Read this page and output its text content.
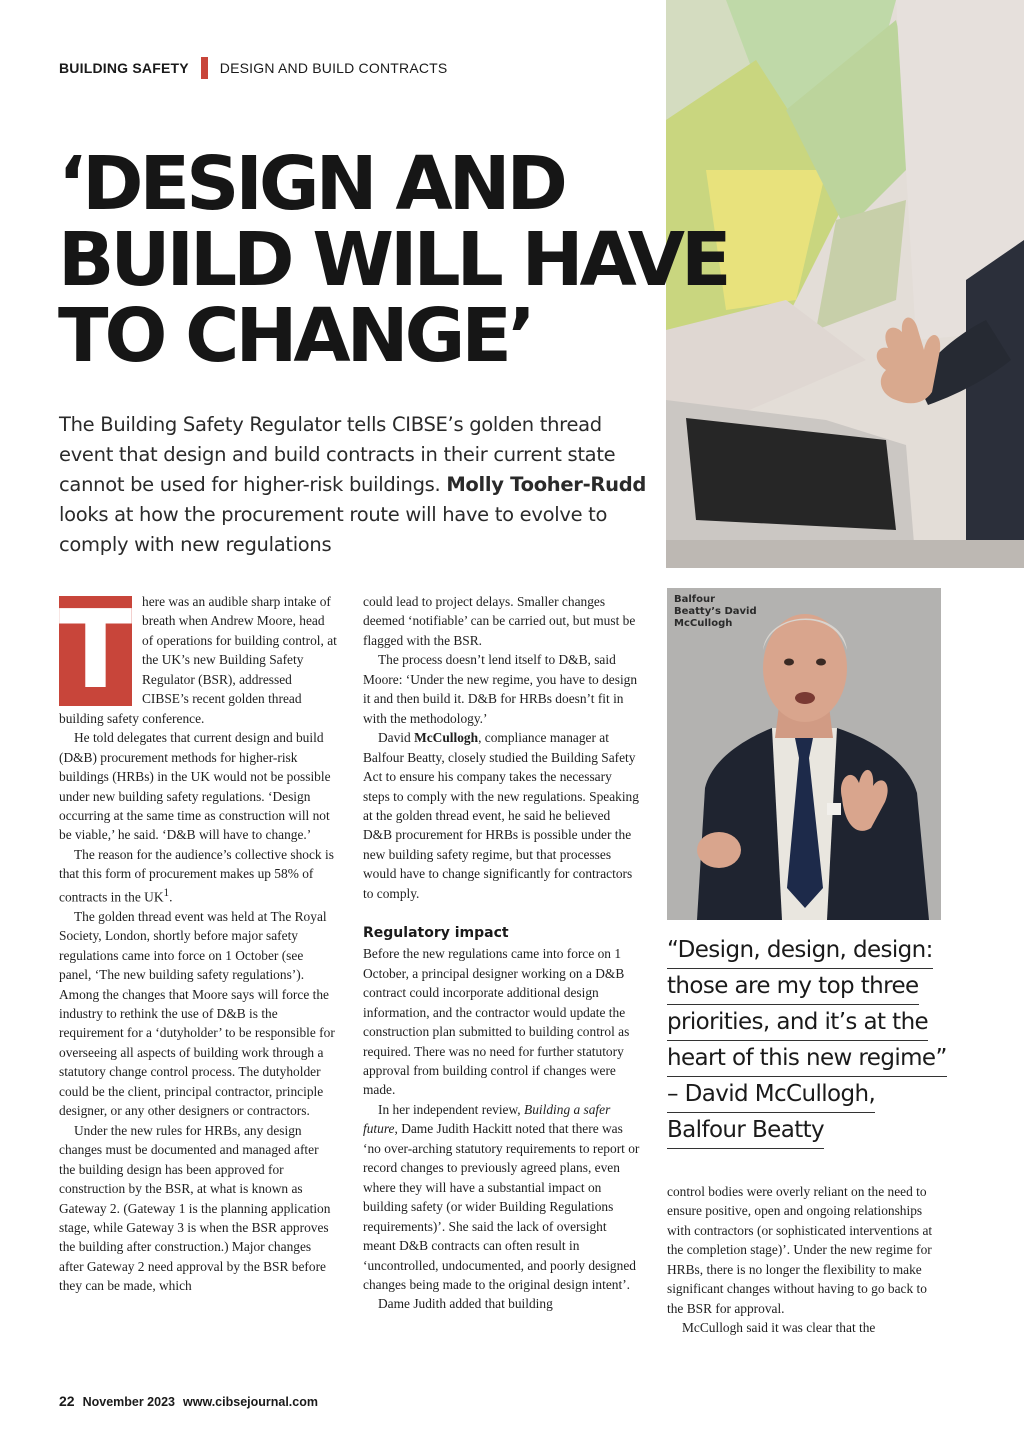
BUILDING SAFETY DESIGN AND BUILD CONTRACTS
‘DESIGN AND
BUILD WILL HAVE
TO CHANGE’

The Building Safety Regulator tells CIBSE’s golden thread event that design and build contracts in their current state cannot be used for higher-risk buildings. Molly Tooher-Rudd looks at how the procurement route will have to evolve to comply with new regulations

T here was an audible sharp intake of breath when Andrew Moore, head of operations for building control, at the UK’s new Building Safety Regulator (BSR), addressed CIBSE’s recent golden thread building safety conference.

He told delegates that current design and build (D&B) procurement methods for higher-risk buildings (HRBs) in the UK would not be possible under new building safety regulations. ‘Design occurring at the same time as construction will not be viable,’ he said. ‘D&B will have to change.’

The reason for the audience’s collective shock is that this form of procurement makes up 58% of contracts in the $UK^1$.

The golden thread event was held at The Royal Society, London, shortly before major safety regulations came into force on 1 October (see panel, ‘The new building safety regulations’). Among the changes that Moore says will force the industry to rethink the use of D&B is the requirement for a ‘dutyholder’ to be responsible for overseeing all aspects of building work through a statutory change control process. The dutyholder could be the client, principal contractor, principle designer, or any other designers or contractors.

Under the new rules for HRBs, any design changes must be documented and managed after the building design has been approved for construction by the BSR, at what is known as Gateway 2. (Gateway 1 is the planning application stage, while Gateway 3 is when the BSR approves the building after construction.) Major changes after Gateway 2 need approval by the BSR before they can be made, which

could lead to project delays. Smaller changes deemed ‘notifiable’ can be carried out, but must be flagged with the BSR.

The process doesn’t lend itself to D&B, said Moore: ‘Under the new regime, you have to design it and then build it. D&B for HRBs doesn’t fit in with the methodology.’

David McCullogh, compliance manager at Balfour Beatty, closely studied the Building Safety Act to ensure his company takes the necessary steps to comply with the new regulations. Speaking at the golden thread event, he said he believed D&B procurement for HRBs is possible under the new building safety regime, but that processes would have to change significantly for contractors to comply.

Regulatory impact

Before the new regulations came into force on 1 October, a principal designer working on a D&B contract could incorporate additional design information, and the contractor would update the construction plan submitted to building control as required. There was no need for further statutory approval from building control if changes were made.

In her independent review, Building a safer future, Dame Judith Hackitt noted that there was ‘no over-arching statutory requirements to report or record changes to previously agreed plans, even where they will have a substantial impact on building safety (or wider Building Regulations requirements)’. She said the lack of oversight meant D&B contracts can often result in ‘uncontrolled, undocumented, and poorly designed changes being made to the original design intent’.

Dame Judith added that building

Balfour Beatty’s David McCullogh
“Design, design, design:
those are my top three
priorities, and it’s at the
heart of this new regime”
– David McCullogh,
Balfour Beatty

control bodies were overly reliant on the need to ensure positive, open and ongoing relationships with contractors (or sophisticated interventions at the completion stage)’. Under the new regime for HRBs, there is no longer the flexibility to make significant changes without having to go back to the BSR for approval.

McCullogh said it was clear that the

22 November 2023 www.cibsejournal.com
